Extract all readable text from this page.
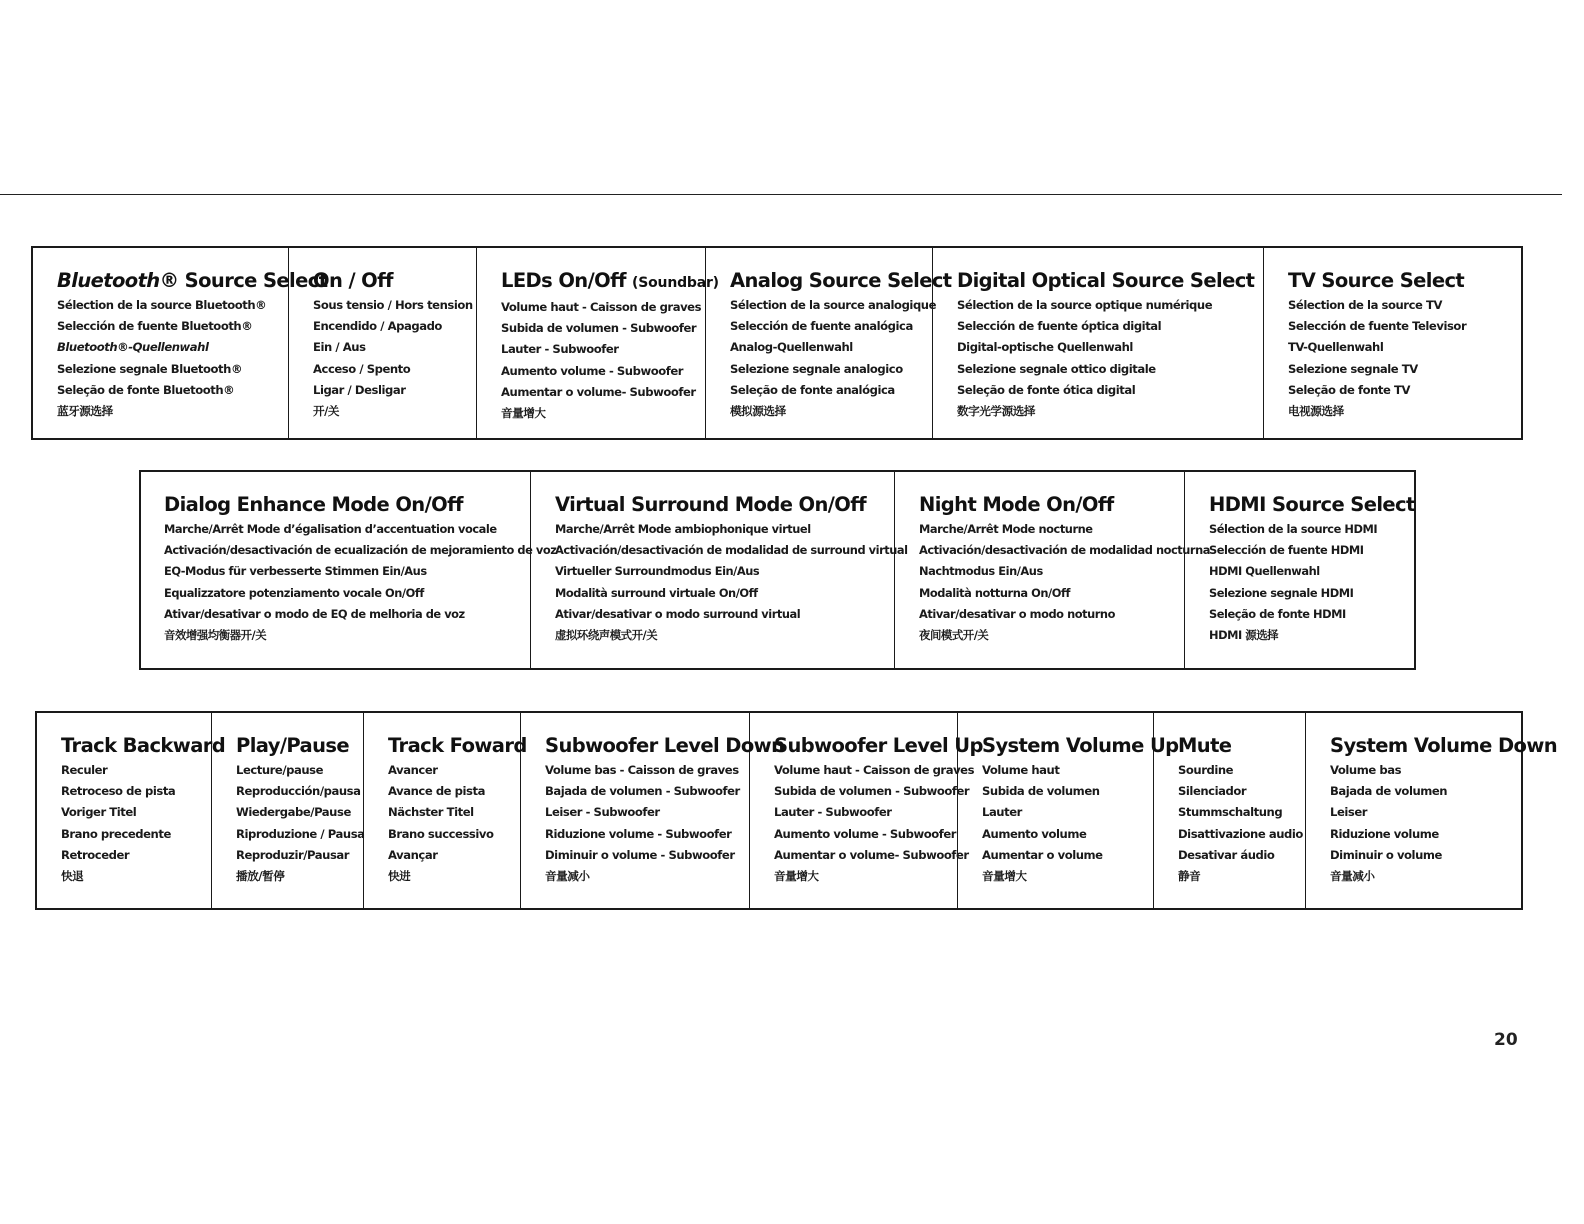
Bluetooth® Source Select
Sélection de la source Bluetooth®
Selección de fuente Bluetooth®
Bluetooth®-Quellenwahl
Selezione segnale Bluetooth®
Seleção de fonte Bluetooth®
蓝牙源选择
On / Off
Sous tensio / Hors tension
Encendido / Apagado
Ein / Aus
Acceso / Spento
Ligar / Desligar
开/关
LEDs On/Off (Soundbar)
Volume haut - Caisson de graves
Subida de volumen - Subwoofer
Lauter - Subwoofer
Aumento volume - Subwoofer
Aumentar o volume- Subwoofer
音量增大
Analog Source Select
Sélection de la source analogique
Selección de fuente analógica
Analog-Quellenwahl
Selezione segnale analogico
Seleção de fonte analógica
模拟源选择
Digital Optical Source Select
Sélection de la source optique numérique
Selección de fuente óptica digital
Digital-optische Quellenwahl
Selezione segnale ottico digitale
Seleção de fonte ótica digital
数字光学源选择
TV Source Select
Sélection de la source TV
Selección de fuente Televisor
TV-Quellenwahl
Selezione segnale TV
Seleção de fonte TV
电视源选择
Dialog Enhance Mode On/Off
Marche/Arrêt Mode d’égalisation d’accentuation vocale
Activación/desactivación de ecualización de mejoramiento de voz
EQ-Modus für verbesserte Stimmen Ein/Aus
Equalizzatore potenziamento vocale On/Off
Ativar/desativar o modo de EQ de melhoria de voz
音效增强均衡器开/关
Virtual Surround Mode On/Off
Marche/Arrêt Mode ambiophonique virtuel
Activación/desactivación de modalidad de surround virtual
Virtueller Surroundmodus Ein/Aus
Modalità surround virtuale On/Off
Ativar/desativar o modo surround virtual
虚拟环绕声模式开/关
Night Mode On/Off
Marche/Arrêt Mode nocturne
Activación/desactivación de modalidad nocturna
Nachtmodus Ein/Aus
Modalità notturna On/Off
Ativar/desativar o modo noturno
夜间模式开/关
HDMI Source Select
Sélection de la source HDMI
Selección de fuente HDMI
HDMI Quellenwahl
Selezione segnale HDMI
Seleção de fonte HDMI
HDMI 源选择
Track Backward
Reculer
Retroceso de pista
Voriger Titel
Brano precedente
Retroceder
快退
Play/Pause
Lecture/pause
Reproducción/pausa
Wiedergabe/Pause
Riproduzione / Pausa
Reproduzir/Pausar
播放/暂停
Track Foward
Avancer
Avance de pista
Nächster Titel
Brano successivo
Avançar
快进
Subwoofer Level Down
Volume bas - Caisson de graves
Bajada de volumen - Subwoofer
Leiser - Subwoofer
Riduzione volume - Subwoofer
Diminuir o volume - Subwoofer
音量减小
Subwoofer Level Up
Volume haut - Caisson de graves
Subida de volumen - Subwoofer
Lauter - Subwoofer
Aumento volume - Subwoofer
Aumentar o volume- Subwoofer
音量增大
System Volume Up
Volume haut
Subida de volumen
Lauter
Aumento volume
Aumentar o volume
音量增大
Mute
Sourdine
Silenciador
Stummschaltung
Disattivazione audio
Desativar áudio
静音
System Volume Down
Volume bas
Bajada de volumen
Leiser
Riduzione volume
Diminuir o volume
音量减小
20
